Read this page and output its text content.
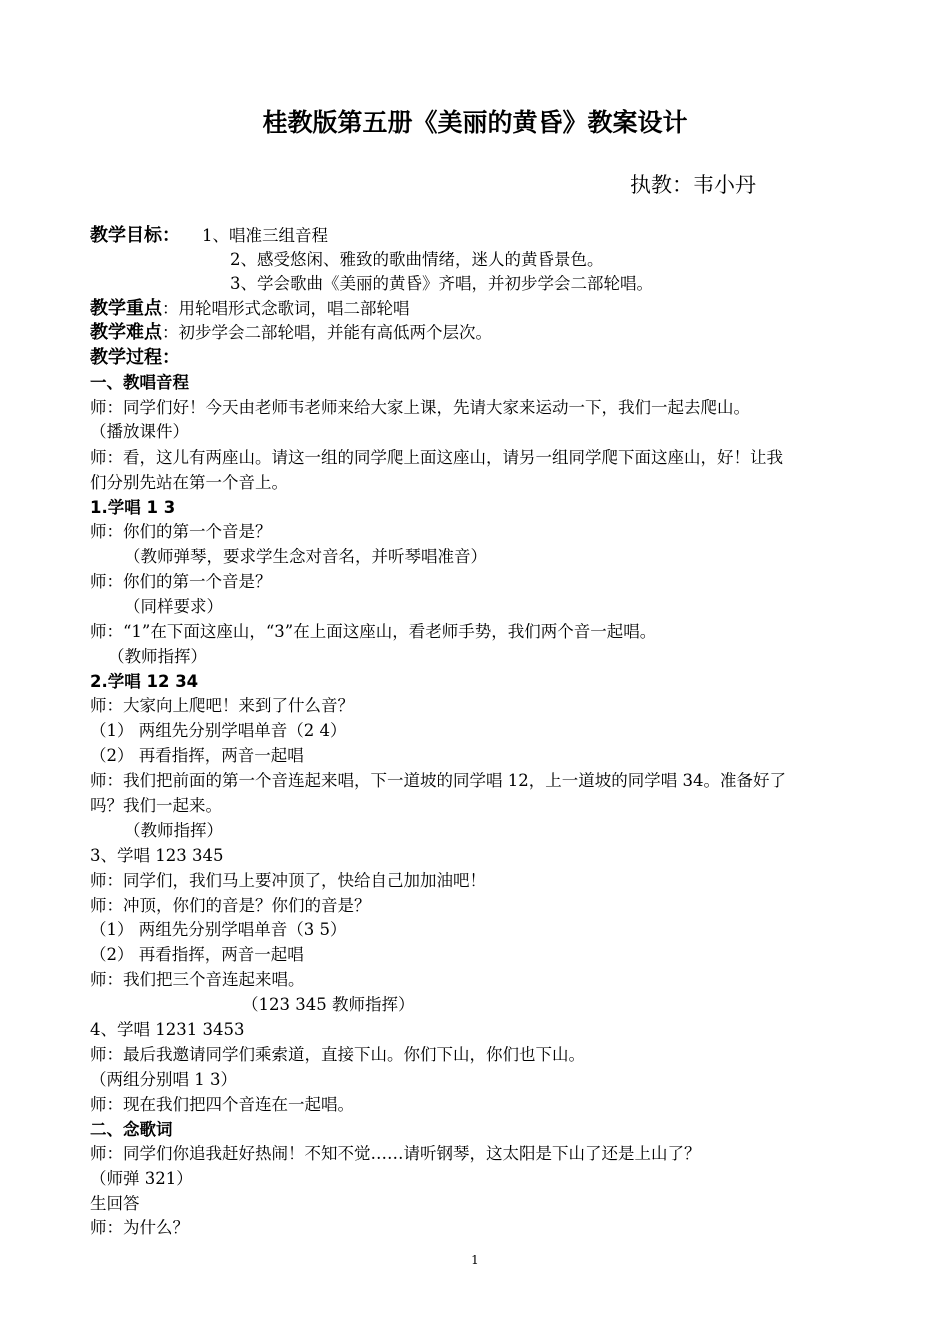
桂教版第五册《美丽的黄昏》教案设计
执教：韦小丹
教学目标： 1、唱准三组音程
2、感受悠闲、雅致的歌曲情绪，迷人的黄昏景色。
3、学会歌曲《美丽的黄昏》齐唱，并初步学会二部轮唱。
教学重点：用轮唱形式念歌词，唱二部轮唱
教学难点：初步学会二部轮唱，并能有高低两个层次。
教学过程：
一、教唱音程
师：同学们好！今天由老师韦老师来给大家上课，先请大家来运动一下，我们一起去爬山。
（播放课件）
师：看，这儿有两座山。请这一组的同学爬上面这座山，请另一组同学爬下面这座山，好！让我
们分别先站在第一个音上。
1.学唱 1 3
师：你们的第一个音是？
（教师弹琴，要求学生念对音名，并听琴唱准音）
师：你们的第一个音是？
（同样要求）
师：“1”在下面这座山，“3”在上面这座山，看老师手势，我们两个音一起唱。
（教师指挥）
2.学唱 12 34
师：大家向上爬吧！来到了什么音？
（1） 两组先分别学唱单音（2 4）
（2） 再看指挥，两音一起唱
师：我们把前面的第一个音连起来唱，下一道坡的同学唱 12，上一道坡的同学唱 34。准备好了
吗？我们一起来。
（教师指挥）
3、学唱 123 345
师：同学们，我们马上要冲顶了，快给自己加加油吧！
师：冲顶，你们的音是？你们的音是？
（1） 两组先分别学唱单音（3 5）
（2） 再看指挥，两音一起唱
师：我们把三个音连起来唱。
（123 345 教师指挥）
4、学唱 1231 3453
师：最后我邀请同学们乘索道，直接下山。你们下山，你们也下山。
（两组分别唱 1 3）
师：现在我们把四个音连在一起唱。
二、念歌词
师：同学们你追我赶好热闹！不知不觉……请听钢琴，这太阳是下山了还是上山了？
（师弹 321）
生回答
师：为什么？
1
